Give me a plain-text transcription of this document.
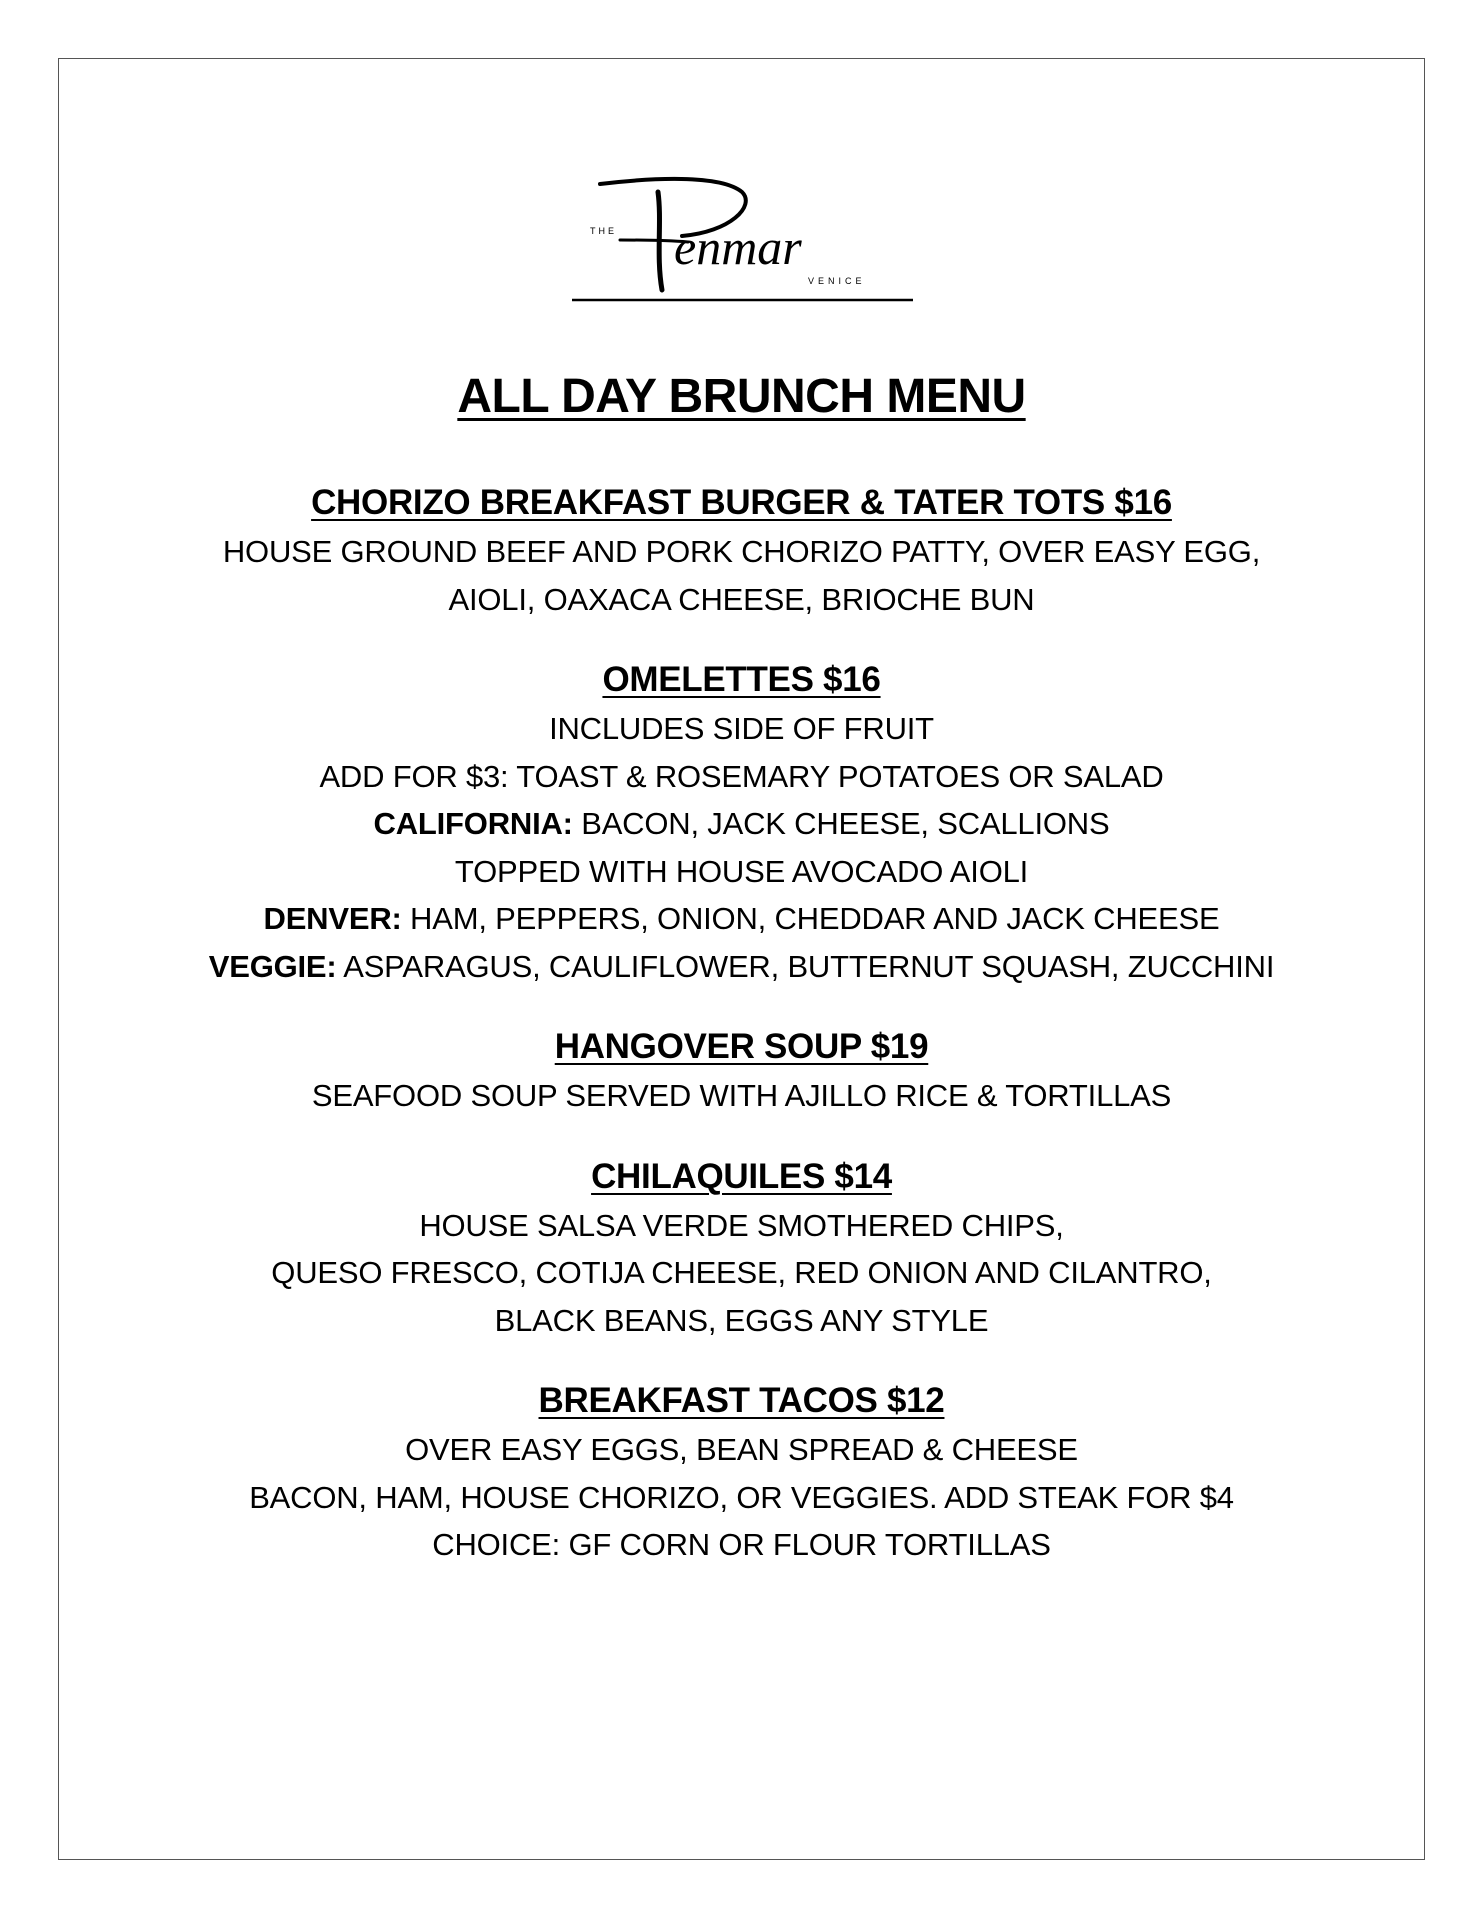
THE enmar
VENICE
ALL DAY BRUNCH MENU

CHORIZO BREAKFAST BURGER & TATER TOTS $16

HOUSE GROUND BEEF AND PORK CHORIZO PATTY, OVER EASY EGG,

AIOLI, OAXACA CHEESE, BRIOCHE BUN

OMELETTES $16

INCLUDES SIDE OF FRUIT

ADD FOR $3: TOAST & ROSEMARY POTATOES OR SALAD

CALIFORNIA: BACON, JACK CHEESE, SCALLIONS

TOPPED WITH HOUSE AVOCADO AIOLI

DENVER: HAM, PEPPERS, ONION, CHEDDAR AND JACK CHEESE

VEGGIE: ASPARAGUS, CAULIFLOWER, BUTTERNUT SQUASH, ZUCCHINI

HANGOVER SOUP $19

SEAFOOD SOUP SERVED WITH AJILLO RICE & TORTILLAS

CHILAQUILES $14

HOUSE SALSA VERDE SMOTHERED CHIPS,

QUESO FRESCO, COTIJA CHEESE, RED ONION AND CILANTRO,

BLACK BEANS, EGGS ANY STYLE

BREAKFAST TACOS $12

OVER EASY EGGS, BEAN SPREAD & CHEESE

BACON, HAM, HOUSE CHORIZO, OR VEGGIES. ADD STEAK FOR $4

CHOICE: GF CORN OR FLOUR TORTILLAS
